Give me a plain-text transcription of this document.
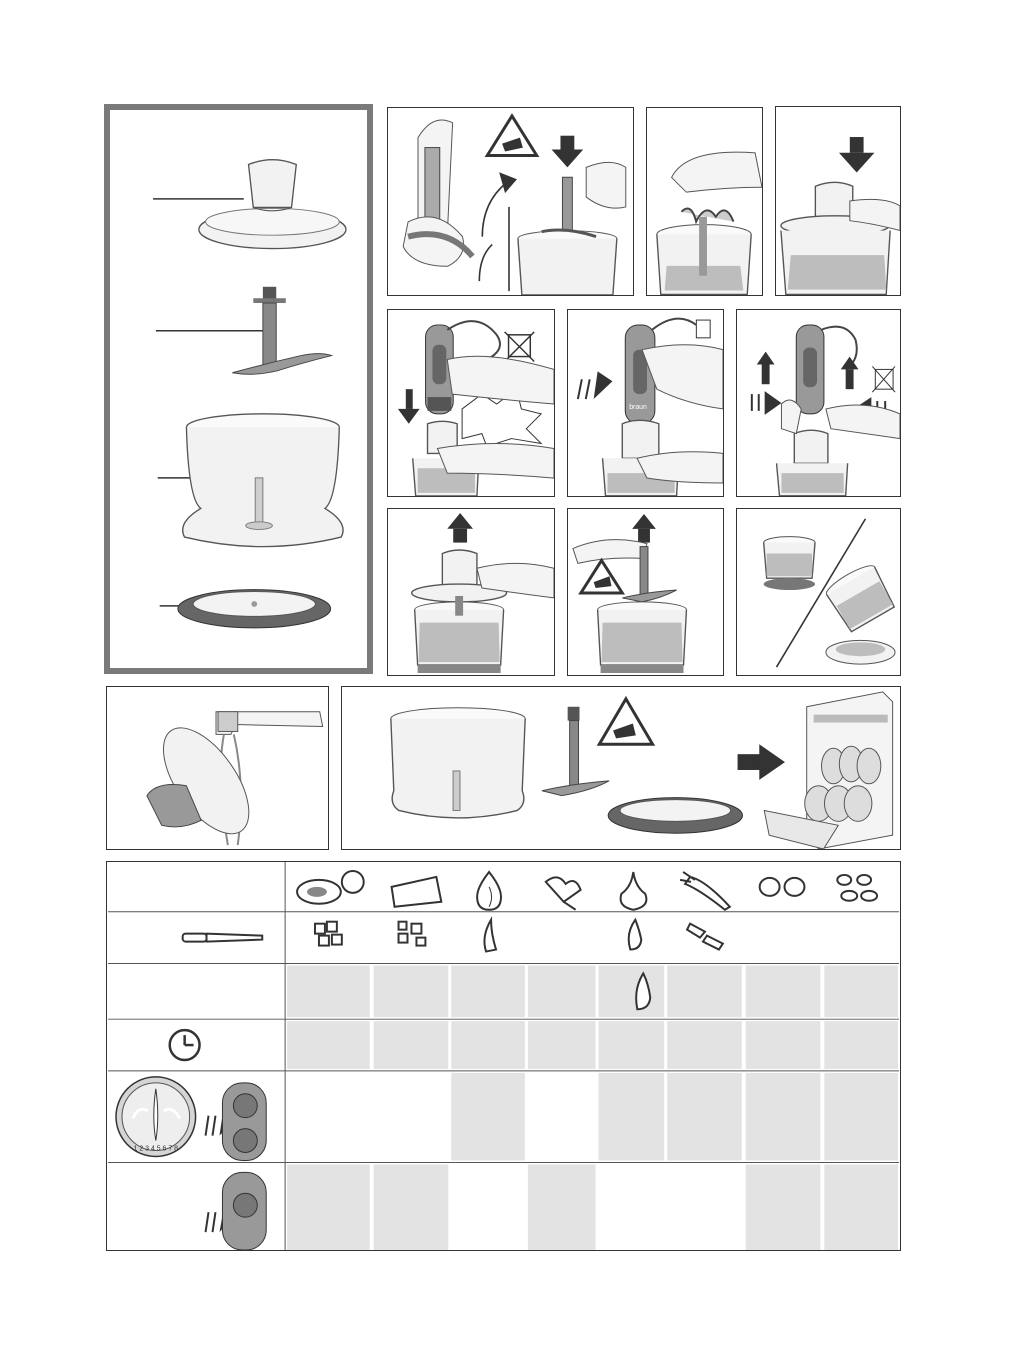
braun
1 2 3 4 5 6 7 8
